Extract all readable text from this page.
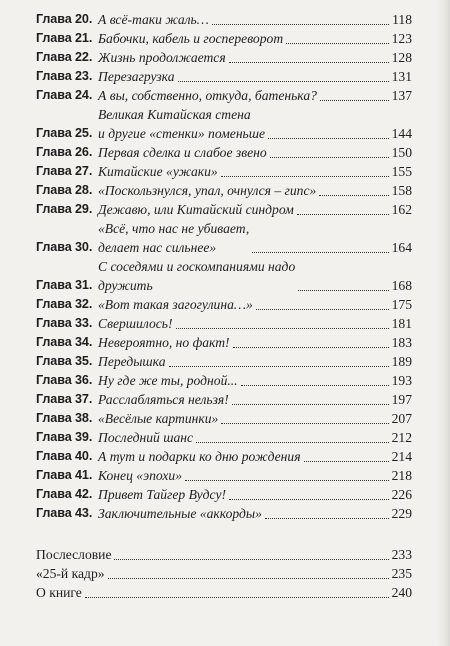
Глава 20. А всё-таки жаль…	118
Глава 21. Бабочки, кабель и госпереворот	123
Глава 22. Жизнь продолжается	128
Глава 23. Перезагрузка	131
Глава 24. А вы, собственно, откуда, батенька?	137
Глава 25.
Великая Китайская стена
и другие «стенки» поменьше	144
Глава 26. Первая сделка и слабое звено	150
Глава 27. Китайские «ужаки»	155
Глава 28. «Поскользнулся, упал, очнулся – гипс»	158
Глава 29. Дежавю, или Китайский синдром	162
Глава 30.
«Всё, что нас не убивает,
делает нас сильнее»	164
Глава 31.
С соседями и госкомпаниями надо
дружить	168
Глава 32. «Вот такая загогулина…»	175
Глава 33. Свершилось!	181
Глава 34. Невероятно, но факт!	183
Глава 35. Передышка	189
Глава 36. Ну где же ты, родной...	193
Глава 37. Расслабляться нельзя!	197
Глава 38. «Весёлые картинки»	207
Глава 39. Последний шанс	212
Глава 40. А тут и подарки ко дню рождения	214
Глава 41. Конец «эпохи»	218
Глава 42. Привет Тайгер Вудсу!	226
Глава 43. Заключительные «аккорды»	229
Послесловие	233
«25-й кадр»	235
О книге	240
